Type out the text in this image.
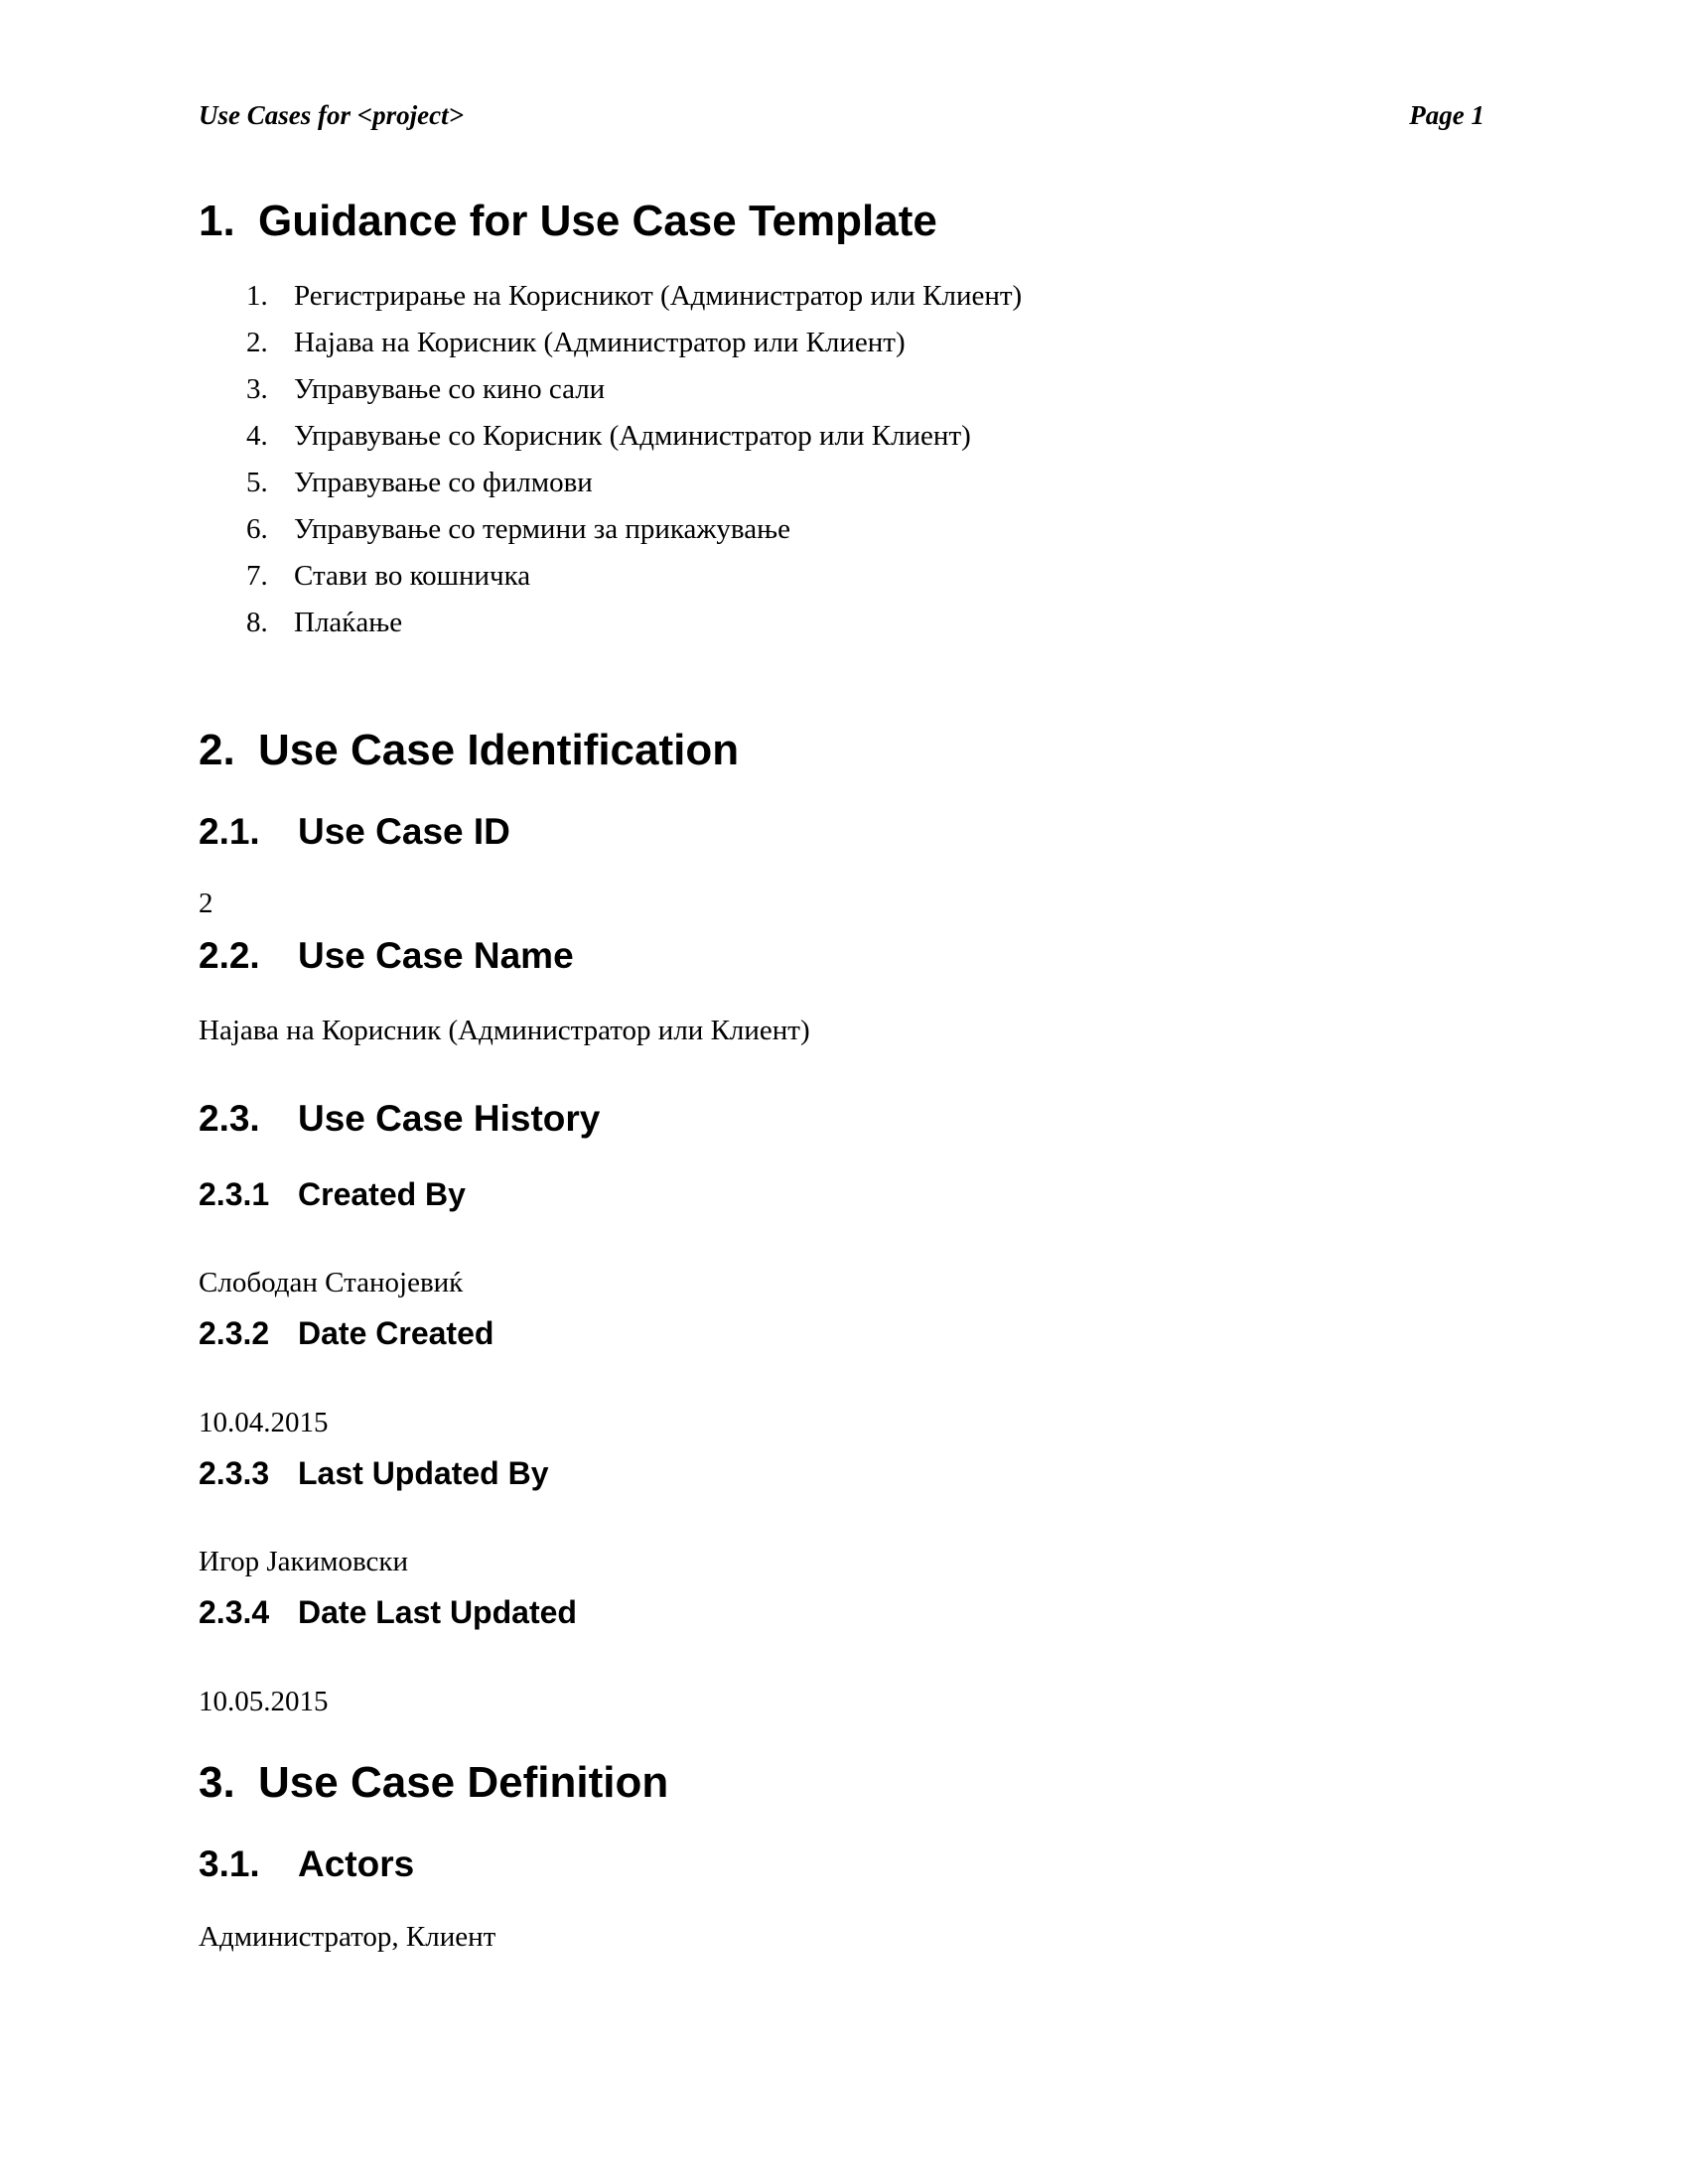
Use Cases for <project>	Page 1
1. Guidance for Use Case Template
1. Регистрирање на Корисникот (Администратор или Клиент)
2. Најава на Корисник (Администратор или Клиент)
3. Управување со кино сали
4. Управување со Корисник (Администратор или Клиент)
5. Управување со филмови
6. Управување со термини за прикажување
7. Стави во кошничка
8. Плаќање
2. Use Case Identification
2.1. Use Case ID
2
2.2. Use Case Name
Најава на Корисник (Администратор или Клиент)
2.3. Use Case History
2.3.1 Created By
Слободан Станојевиќ
2.3.2 Date Created
10.04.2015
2.3.3 Last Updated By
Игор Јакимовски
2.3.4 Date Last Updated
10.05.2015
3. Use Case Definition
3.1. Actors
Администратор, Клиент
